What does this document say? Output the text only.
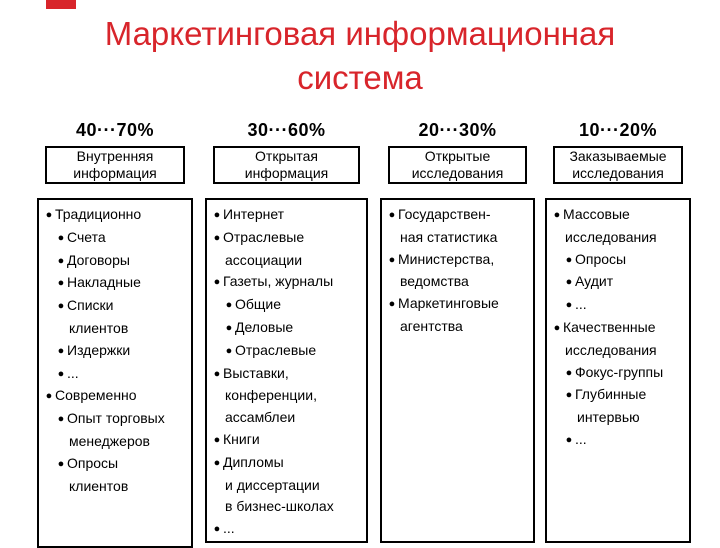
Маркетинговая информационная
система
40···70%
Внутренняя
информация
● Традиционно
● Счета
● Договоры
● Накладные
● Списки
клиентов
● Издержки
● ...
● Современно
● Опыт торговых
менеджеров
● Опросы
клиентов
30···60%
Открытая
информация
● Интернет
● Отраслевые
ассоциации
● Газеты, журналы
● Общие
● Деловые
● Отраслевые
● Выставки,
конференции,
ассамблеи
● Книги
● Дипломы
и диссертации
в бизнес-школах
● ...
20···30%
Открытые
исследования
● Государствен-
ная статистика
● Министерства,
ведомства
● Маркетинговые
агентства
10···20%
Заказываемые
исследования
● Массовые
исследования
● Опросы
● Аудит
● ...
● Качественные
исследования
● Фокус-группы
● Глубинные
интервью
● ...
